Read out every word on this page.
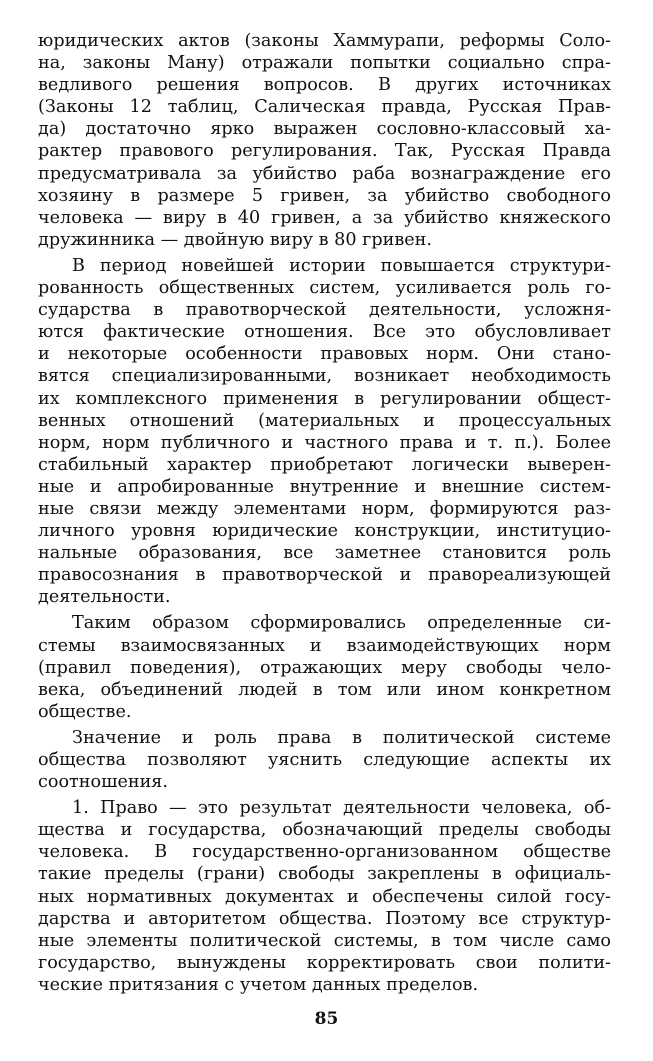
юридических актов (законы Хаммурапи, реформы Соло-
на, законы Ману) отражали попытки социально спра-
ведливого решения вопросов. В других источниках
(Законы 12 таблиц, Салическая правда, Русская Прав-
да) достаточно ярко выражен сословно-классовый ха-
рактер правового регулирования. Так, Русская Правда
предусматривала за убийство раба вознаграждение его
хозяину в размере 5 гривен, за убийство свободного
человека — виру в 40 гривен, а за убийство княжеского
дружинника — двойную виру в 80 гривен.
В период новейшей истории повышается структури-
рованность общественных систем, усиливается роль го-
сударства в правотворческой деятельности, усложня-
ются фактические отношения. Все это обусловливает
и некоторые особенности правовых норм. Они стано-
вятся специализированными, возникает необходимость
их комплексного применения в регулировании общест-
венных отношений (материальных и процессуальных
норм, норм публичного и частного права и т. п.). Более
стабильный характер приобретают логически выверен-
ные и апробированные внутренние и внешние систем-
ные связи между элементами норм, формируются раз-
личного уровня юридические конструкции, институцио-
нальные образования, все заметнее становится роль
правосознания в правотворческой и правореализующей
деятельности.
Таким образом сформировались определенные си-
стемы взаимосвязанных и взаимодействующих норм
(правил поведения), отражающих меру свободы чело-
века, объединений людей в том или ином конкретном
обществе.
Значение и роль права в политической системе
общества позволяют уяснить следующие аспекты их
соотношения.
1. Право — это результат деятельности человека, об-
щества и государства, обозначающий пределы свободы
человека. В государственно-организованном обществе
такие пределы (грани) свободы закреплены в официаль-
ных нормативных документах и обеспечены силой госу-
дарства и авторитетом общества. Поэтому все структур-
ные элементы политической системы, в том числе само
государство, вынуждены корректировать свои полити-
ческие притязания с учетом данных пределов.
85
